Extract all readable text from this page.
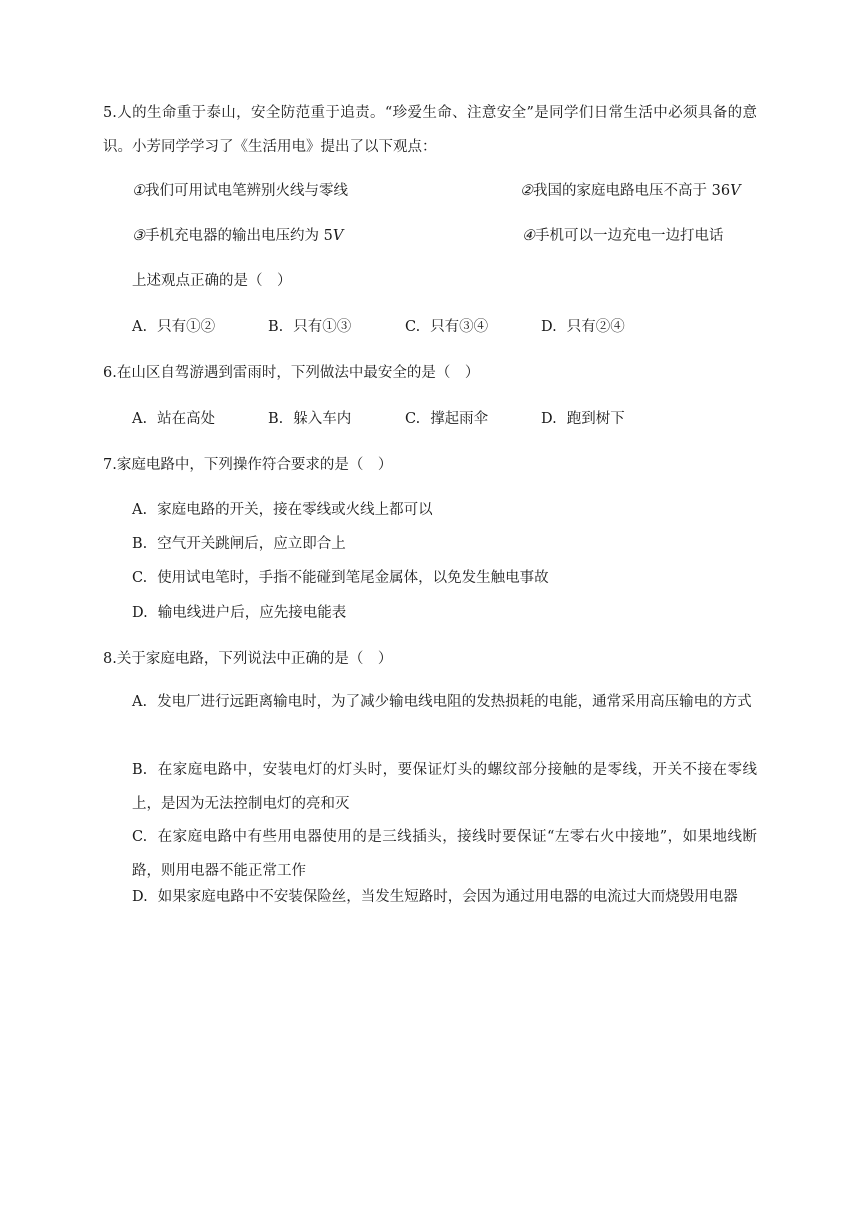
5.人的生命重于泰山，安全防范重于追责。“珍爱生命、注意安全”是同学们日常生活中必须具备的意识。小芳同学学习了《生活用电》提出了以下观点：
①我们可用试电笔辨别火线与零线	②我国的家庭电路电压不高于 36V
③手机充电器的输出电压约为 5V	④手机可以一边充电一边打电话
上述观点正确的是（　）
A. 只有①②	B. 只有①③	C. 只有③④	D. 只有②④
6.在山区自驾游遇到雷雨时，下列做法中最安全的是（　）
A. 站在高处	B. 躲入车内	C. 撑起雨伞	D. 跑到树下
7.家庭电路中，下列操作符合要求的是（　）
A. 家庭电路的开关，接在零线或火线上都可以
B. 空气开关跳闸后，应立即合上
C. 使用试电笔时，手指不能碰到笔尾金属体，以免发生触电事故
D. 输电线进户后，应先接电能表
8.关于家庭电路，下列说法中正确的是（　）
A. 发电厂进行远距离输电时，为了减少输电线电阻的发热损耗的电能，通常采用高压输电的方式
B. 在家庭电路中，安装电灯的灯头时，要保证灯头的螺纹部分接触的是零线，开关不接在零线上，是因为无法控制电灯的亮和灭
C. 在家庭电路中有些用电器使用的是三线插头，接线时要保证“左零右火中接地”，如果地线断路，则用电器不能正常工作
D. 如果家庭电路中不安装保险丝，当发生短路时，会因为通过用电器的电流过大而烧毁用电器
